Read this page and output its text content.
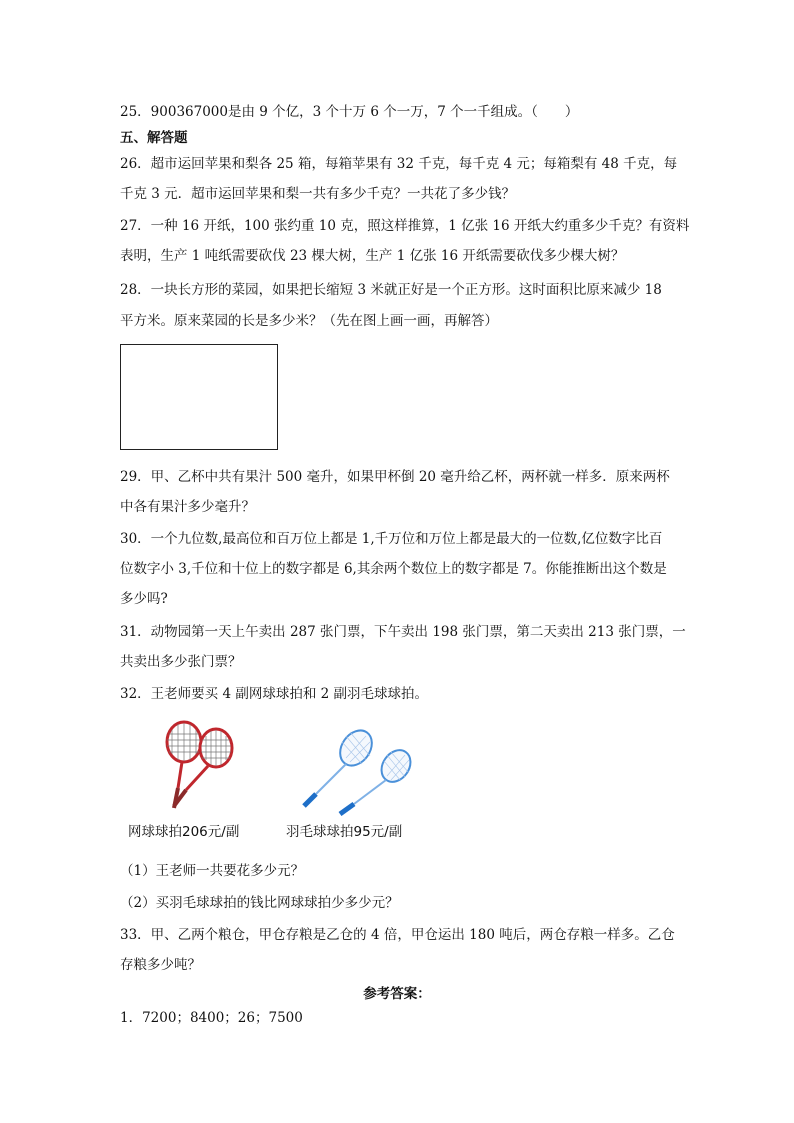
25．900367000是由 9 个亿，3 个十万 6 个一万，7 个一千组成。（　　）
五、解答题
26．超市运回苹果和梨各 25 箱，每箱苹果有 32 千克，每千克 4 元；每箱梨有 48 千克，每
千克 3 元．超市运回苹果和梨一共有多少千克？一共花了多少钱？
27．一种 16 开纸，100 张约重 10 克，照这样推算，1 亿张 16 开纸大约重多少千克？有资料
表明，生产 1 吨纸需要砍伐 23 棵大树，生产 1 亿张 16 开纸需要砍伐多少棵大树？
28．一块长方形的菜园，如果把长缩短 3 米就正好是一个正方形。这时面积比原来减少 18
平方米。原来菜园的长是多少米？（先在图上画一画，再解答）
29．甲、乙杯中共有果汁 500 毫升，如果甲杯倒 20 毫升给乙杯，两杯就一样多．原来两杯
中各有果汁多少毫升？
30．一个九位数,最高位和百万位上都是 1,千万位和万位上都是最大的一位数,亿位数字比百
位数字小 3,千位和十位上的数字都是 6,其余两个数位上的数字都是 7。你能推断出这个数是
多少吗?
31．动物园第一天上午卖出 287 张门票，下午卖出 198 张门票，第二天卖出 213 张门票，一
共卖出多少张门票？
32．王老师要买 4 副网球球拍和 2 副羽毛球球拍。
网球球拍206元/副	羽毛球球拍95元/副
（1）王老师一共要花多少元？
（2）买羽毛球球拍的钱比网球球拍少多少元？
33．甲、乙两个粮仓，甲仓存粮是乙仓的 4 倍，甲仓运出 180 吨后，两仓存粮一样多。乙仓
存粮多少吨？
参考答案：
1．7200；8400；26；7500
